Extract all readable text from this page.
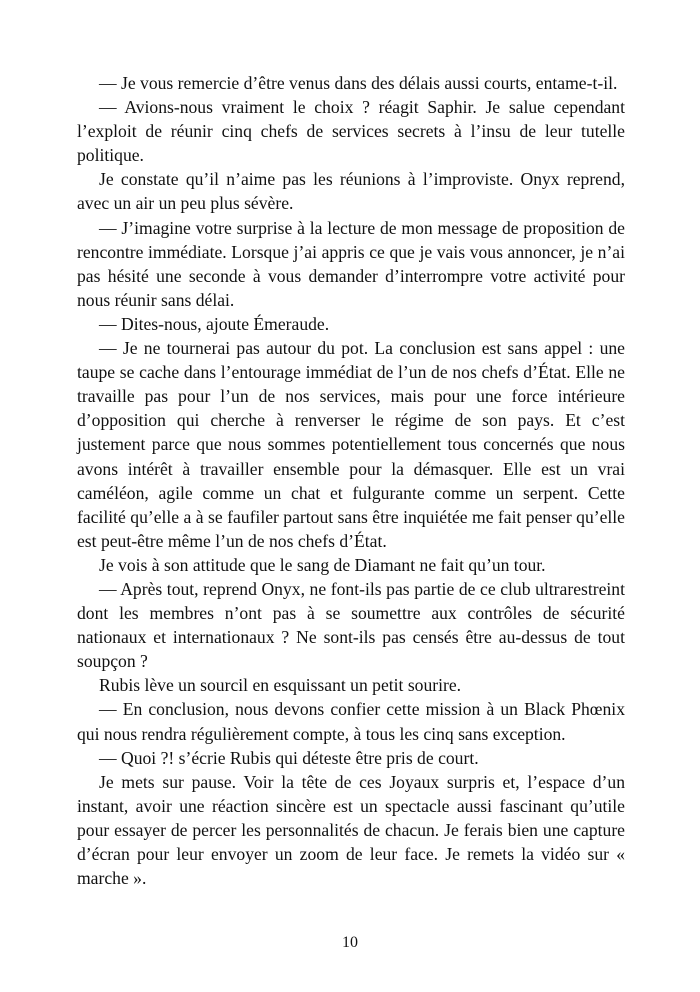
— Je vous remercie d’être venus dans des délais aussi courts, entame-t-il.

— Avions-nous vraiment le choix ? réagit Saphir. Je salue cependant l’exploit de réunir cinq chefs de services secrets à l’insu de leur tutelle politique.

Je constate qu’il n’aime pas les réunions à l’improviste. Onyx reprend, avec un air un peu plus sévère.

— J’imagine votre surprise à la lecture de mon message de proposition de rencontre immédiate. Lorsque j’ai appris ce que je vais vous annoncer, je n’ai pas hésité une seconde à vous demander d’interrompre votre activité pour nous réunir sans délai.

— Dites-nous, ajoute Émeraude.

— Je ne tournerai pas autour du pot. La conclusion est sans appel : une taupe se cache dans l’entourage immédiat de l’un de nos chefs d’État. Elle ne travaille pas pour l’un de nos services, mais pour une force intérieure d’opposition qui cherche à renverser le régime de son pays. Et c’est justement parce que nous sommes potentiellement tous concernés que nous avons intérêt à travailler ensemble pour la démasquer. Elle est un vrai caméléon, agile comme un chat et fulgurante comme un serpent. Cette facilité qu’elle a à se faufiler partout sans être inquiétée me fait penser qu’elle est peut-être même l’un de nos chefs d’État.

Je vois à son attitude que le sang de Diamant ne fait qu’un tour.

— Après tout, reprend Onyx, ne font-ils pas partie de ce club ultrarestreint dont les membres n’ont pas à se soumettre aux contrôles de sécurité nationaux et internationaux ? Ne sont-ils pas censés être au-dessus de tout soupçon ?

Rubis lève un sourcil en esquissant un petit sourire.

— En conclusion, nous devons confier cette mission à un Black Phœnix qui nous rendra régulièrement compte, à tous les cinq sans exception.

— Quoi ?! s’écrie Rubis qui déteste être pris de court.

Je mets sur pause. Voir la tête de ces Joyaux surpris et, l’espace d’un instant, avoir une réaction sincère est un spectacle aussi fascinant qu’utile pour essayer de percer les personnalités de chacun. Je ferais bien une capture d’écran pour leur envoyer un zoom de leur face. Je remets la vidéo sur « marche ».

10
